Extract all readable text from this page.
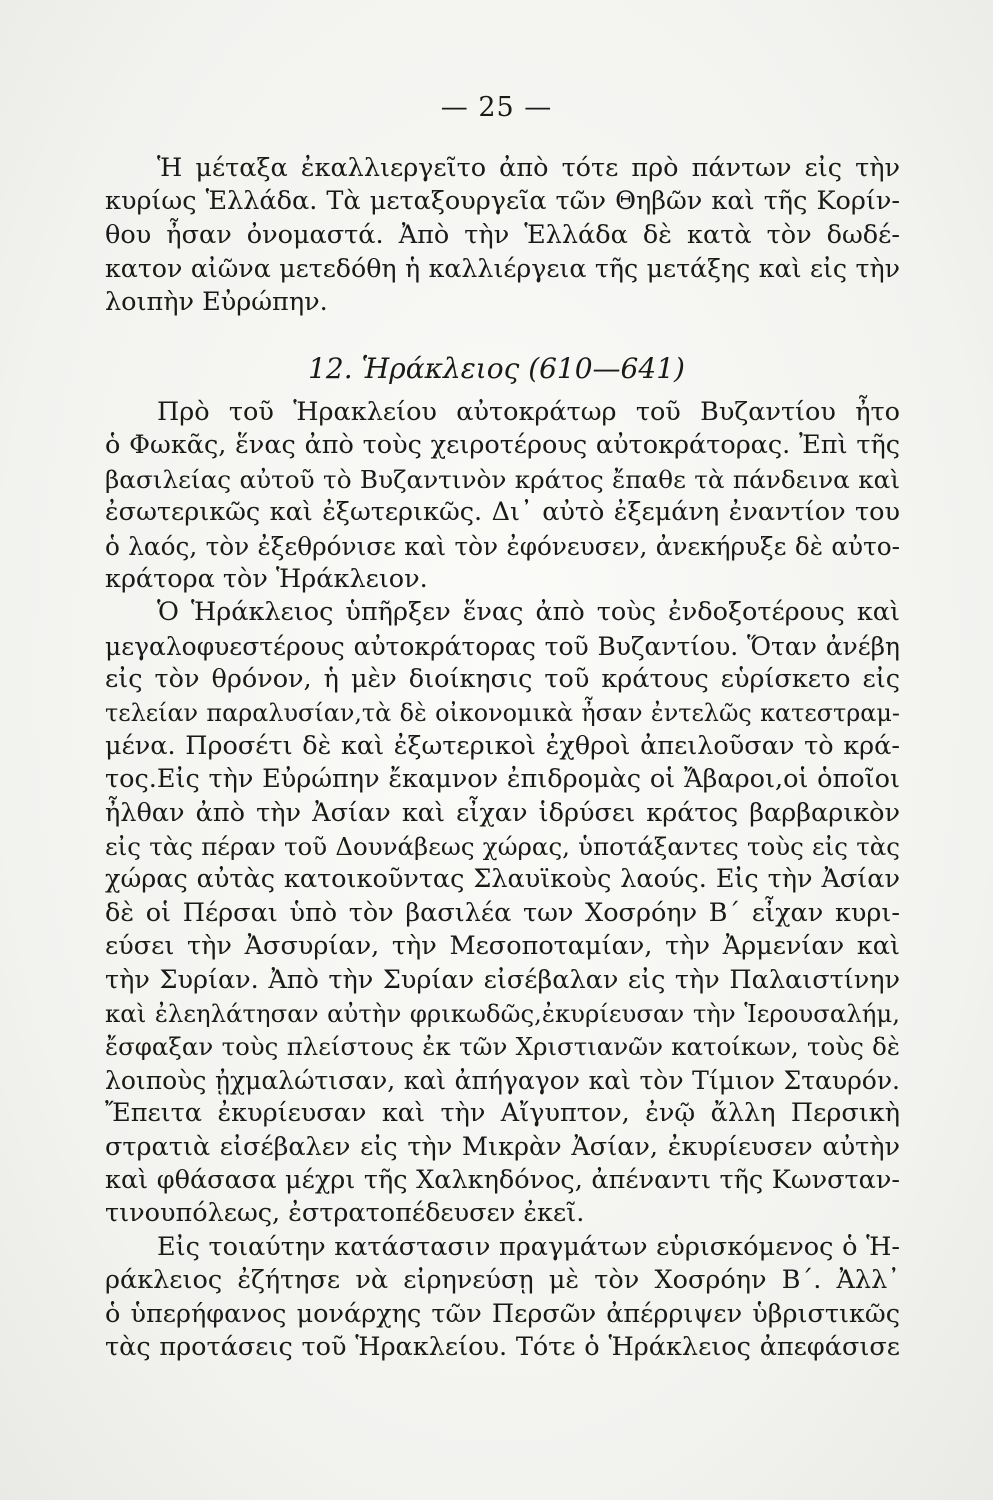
— 25 —
Ἡ μέταξα ἐκαλλιεργεῖτο ἀπὸ τότε πρὸ πάντων εἰς τὴν
κυρίως Ἑλλάδα. Τὰ μεταξουργεῖα τῶν Θηβῶν καὶ τῆς Κορίν-
θου ἦσαν ὀνομαστά. Ἀπὸ τὴν Ἑλλάδα δὲ κατὰ τὸν δωδέ-
κατον αἰῶνα μετεδόθη ἡ καλλιέργεια τῆς μετάξης καὶ εἰς τὴν
λοιπὴν Εὐρώπην.
12. Ἡράκλειος (610—641)
Πρὸ τοῦ Ἡρακλείου αὐτοκράτωρ τοῦ Βυζαντίου ἦτο
ὁ Φωκᾶς, ἕνας ἀπὸ τοὺς χειροτέρους αὐτοκράτορας. Ἐπὶ τῆς
βασιλείας αὐτοῦ τὸ Βυζαντινὸν κράτος ἔπαθε τὰ πάνδεινα καὶ
ἐσωτερικῶς καὶ ἐξωτερικῶς. Δι᾽ αὐτὸ ἐξεμάνη ἐναντίον του
ὁ λαός, τὸν ἐξεθρόνισε καὶ τὸν ἐφόνευσεν, ἀνεκήρυξε δὲ αὐτο-
κράτορα τὸν Ἡράκλειον.
Ὁ Ἡράκλειος ὑπῆρξεν ἕνας ἀπὸ τοὺς ἐνδοξοτέρους καὶ
μεγαλοφυεστέρους αὐτοκράτορας τοῦ Βυζαντίου. Ὅταν ἀνέβη
εἰς τὸν θρόνον, ἡ μὲν διοίκησις τοῦ κράτους εὑρίσκετο εἰς
τελείαν παραλυσίαν,τὰ δὲ οἰκονομικὰ ἦσαν ἐντελῶς κατεστραμ-
μένα. Προσέτι δὲ καὶ ἐξωτερικοὶ ἐχθροὶ ἀπειλοῦσαν τὸ κρά-
τος.Εἰς τὴν Εὐρώπην ἔκαμνον ἐπιδρομὰς οἱ Ἄβαροι,οἱ ὁποῖοι
ἦλθαν ἀπὸ τὴν Ἀσίαν καὶ εἶχαν ἱδρύσει κράτος βαρβαρικὸν
εἰς τὰς πέραν τοῦ Δουνάβεως χώρας, ὑποτάξαντες τοὺς εἰς τὰς
χώρας αὐτὰς κατοικοῦντας Σλαυϊκοὺς λαούς. Εἰς τὴν Ἀσίαν
δὲ οἱ Πέρσαι ὑπὸ τὸν βασιλέα των Χοσρόην Β´ εἶχαν κυρι-
εύσει τὴν Ἀσσυρίαν, τὴν Μεσοποταμίαν, τὴν Ἀρμενίαν καὶ
τὴν Συρίαν. Ἀπὸ τὴν Συρίαν εἰσέβαλαν εἰς τὴν Παλαιστίνην
καὶ ἐλεηλάτησαν αὐτὴν φρικωδῶς,ἐκυρίευσαν τὴν Ἱερουσαλήμ,
ἔσφαξαν τοὺς πλείστους ἐκ τῶν Χριστιανῶν κατοίκων, τοὺς δὲ
λοιποὺς ᾐχμαλώτισαν, καὶ ἀπήγαγον καὶ τὸν Τίμιον Σταυρόν.
Ἔπειτα ἐκυρίευσαν καὶ τὴν Αἴγυπτον, ἐνῷ ἄλλη Περσικὴ
στρατιὰ εἰσέβαλεν εἰς τὴν Μικρὰν Ἀσίαν, ἐκυρίευσεν αὐτὴν
καὶ φθάσασα μέχρι τῆς Χαλκηδόνος, ἀπέναντι τῆς Κωνσταν-
τινουπόλεως, ἐστρατοπέδευσεν ἐκεῖ.
Εἰς τοιαύτην κατάστασιν πραγμάτων εὑρισκόμενος ὁ Ἡ-
ράκλειος ἐζήτησε νὰ εἰρηνεύσῃ μὲ τὸν Χοσρόην Β´. Ἀλλ᾽
ὁ ὑπερήφανος μονάρχης τῶν Περσῶν ἀπέρριψεν ὑβριστικῶς
τὰς προτάσεις τοῦ Ἡρακλείου. Τότε ὁ Ἡράκλειος ἀπεφάσισε
